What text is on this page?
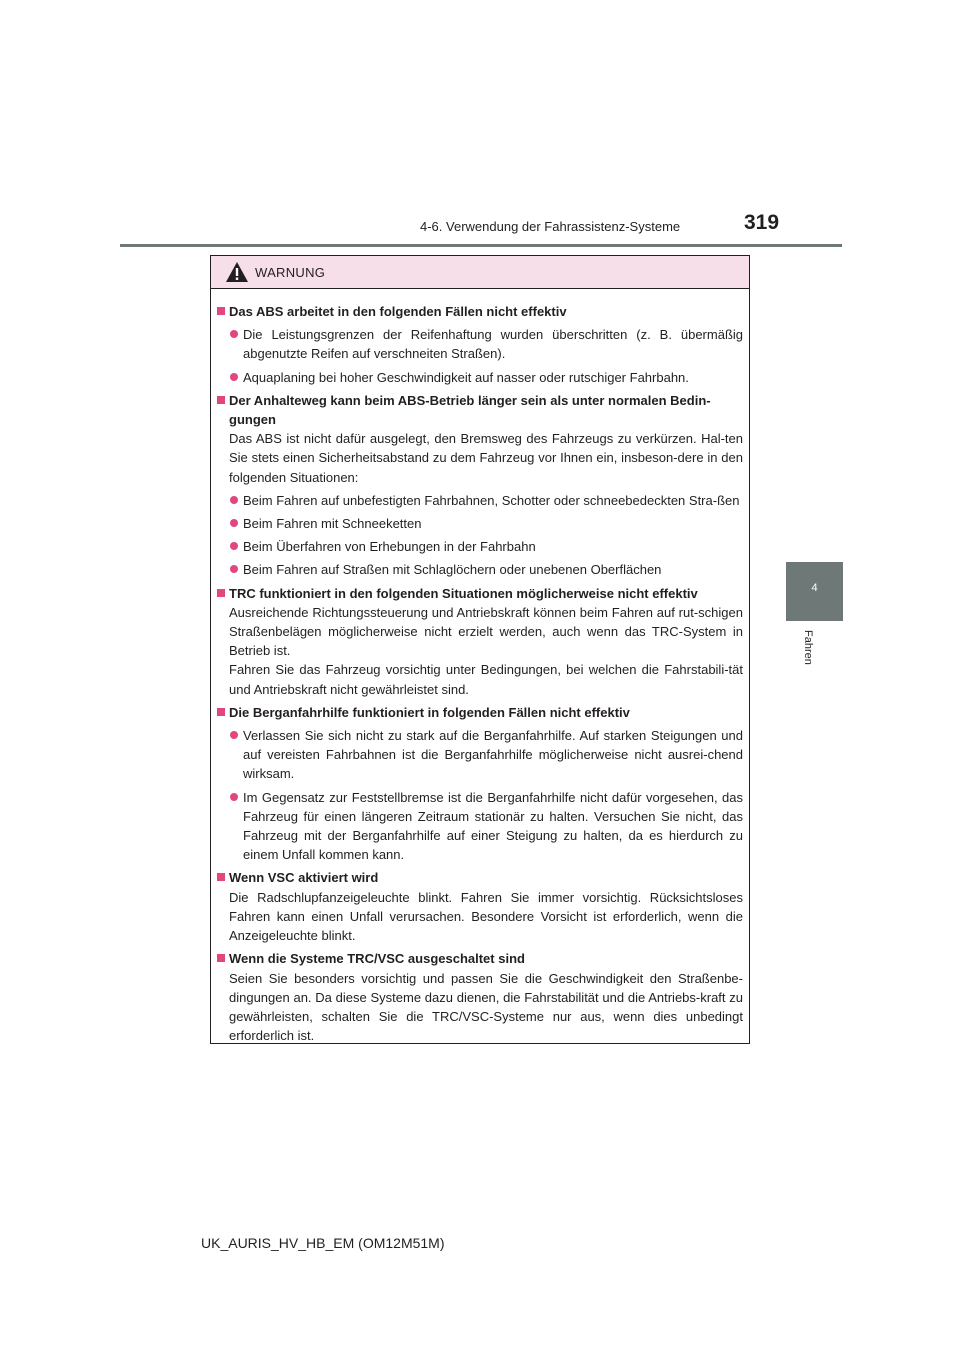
4-6. Verwendung der Fahrassistenz-Systeme	319
4
Fahren
WARNUNG
Das ABS arbeitet in den folgenden Fällen nicht effektiv
Die Leistungsgrenzen der Reifenhaftung wurden überschritten (z. B. übermäßig abgenutzte Reifen auf verschneiten Straßen).
Aquaplaning bei hoher Geschwindigkeit auf nasser oder rutschiger Fahrbahn.
Der Anhalteweg kann beim ABS-Betrieb länger sein als unter normalen Bedin-gungen
Das ABS ist nicht dafür ausgelegt, den Bremsweg des Fahrzeugs zu verkürzen. Hal-ten Sie stets einen Sicherheitsabstand zu dem Fahrzeug vor Ihnen ein, insbeson-dere in den folgenden Situationen:
Beim Fahren auf unbefestigten Fahrbahnen, Schotter oder schneebedeckten Stra-ßen
Beim Fahren mit Schneeketten
Beim Überfahren von Erhebungen in der Fahrbahn
Beim Fahren auf Straßen mit Schlaglöchern oder unebenen Oberflächen
TRC funktioniert in den folgenden Situationen möglicherweise nicht effektiv
Ausreichende Richtungssteuerung und Antriebskraft können beim Fahren auf rut-schigen Straßenbelägen möglicherweise nicht erzielt werden, auch wenn das TRC-System in Betrieb ist.
Fahren Sie das Fahrzeug vorsichtig unter Bedingungen, bei welchen die Fahrstabili-tät und Antriebskraft nicht gewährleistet sind.
Die Berganfahrhilfe funktioniert in folgenden Fällen nicht effektiv
Verlassen Sie sich nicht zu stark auf die Berganfahrhilfe. Auf starken Steigungen und auf vereisten Fahrbahnen ist die Berganfahrhilfe möglicherweise nicht ausrei-chend wirksam.
Im Gegensatz zur Feststellbremse ist die Berganfahrhilfe nicht dafür vorgesehen, das Fahrzeug für einen längeren Zeitraum stationär zu halten. Versuchen Sie nicht, das Fahrzeug mit der Berganfahrhilfe auf einer Steigung zu halten, da es hierdurch zu einem Unfall kommen kann.
Wenn VSC aktiviert wird
Die Radschlupfanzeigeleuchte blinkt. Fahren Sie immer vorsichtig. Rücksichtsloses Fahren kann einen Unfall verursachen. Besondere Vorsicht ist erforderlich, wenn die Anzeigeleuchte blinkt.
Wenn die Systeme TRC/VSC ausgeschaltet sind
Seien Sie besonders vorsichtig und passen Sie die Geschwindigkeit den Straßenbe-dingungen an. Da diese Systeme dazu dienen, die Fahrstabilität und die Antriebs-kraft zu gewährleisten, schalten Sie die TRC/VSC-Systeme nur aus, wenn dies unbedingt erforderlich ist.
UK_AURIS_HV_HB_EM (OM12M51M)
